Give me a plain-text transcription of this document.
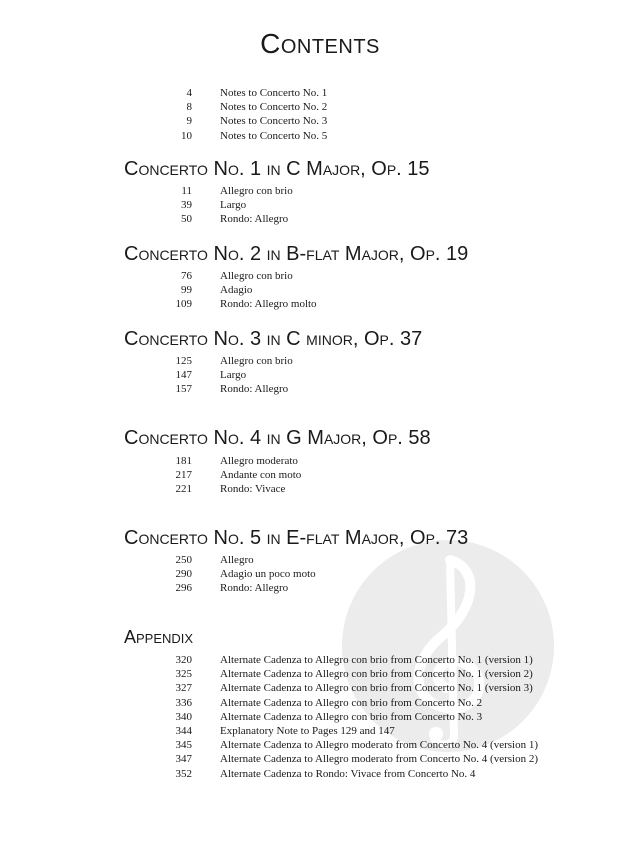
Contents
4	Notes to Concerto No. 1
8	Notes to Concerto No. 2
9	Notes to Concerto No. 3
10	Notes to Concerto No. 5
Concerto No. 1 in C Major, Op. 15
11	Allegro con brio
39	Largo
50	Rondo: Allegro
Concerto No. 2 in B-flat Major, Op. 19
76	Allegro con brio
99	Adagio
109	Rondo: Allegro molto
Concerto No. 3 in C minor, Op. 37
125	Allegro con brio
147	Largo
157	Rondo: Allegro
Concerto No. 4 in G Major, Op. 58
181	Allegro moderato
217	Andante con moto
221	Rondo: Vivace
Concerto No. 5 in E-flat Major, Op. 73
250	Allegro
290	Adagio un poco moto
296	Rondo: Allegro
Appendix
320	Alternate Cadenza to Allegro con brio from Concerto No. 1 (version 1)
325	Alternate Cadenza to Allegro con brio from Concerto No. 1 (version 2)
327	Alternate Cadenza to Allegro con brio from Concerto No. 1 (version 3)
336	Alternate Cadenza to Allegro con brio from Concerto No. 2
340	Alternate Cadenza to Allegro con brio from Concerto No. 3
344	Explanatory Note to Pages 129 and 147
345	Alternate Cadenza to Allegro moderato from Concerto No. 4 (version 1)
347	Alternate Cadenza to Allegro moderato from Concerto No. 4 (version 2)
352	Alternate Cadenza to Rondo: Vivace from Concerto No. 4
